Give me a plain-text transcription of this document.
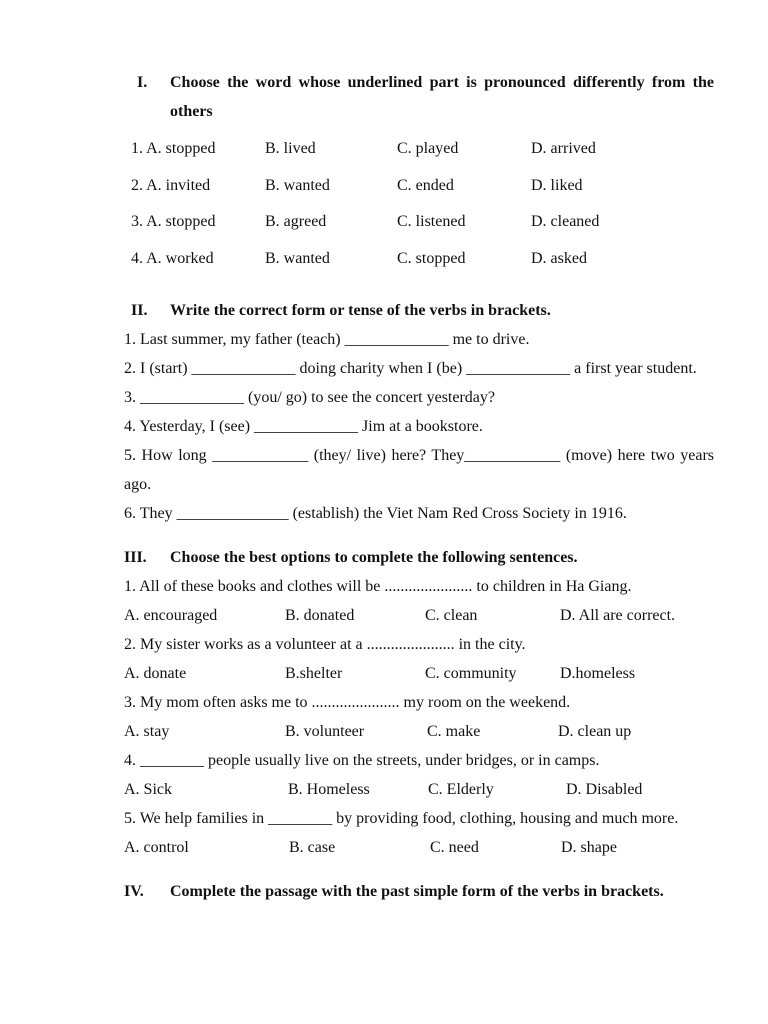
I. Choose the word whose underlined part is pronounced differently from the
others
1. A. stopped	B. lived	C. played	D. arrived
2. A. invited	B. wanted	C. ended	D. liked
3. A. stopped	B. agreed	C. listened	D. cleaned
4. A. worked	B. wanted	C. stopped	D. asked
II. Write the correct form or tense of the verbs in brackets.
1. Last summer, my father (teach) _____________ me to drive.
2. I (start) _____________ doing charity when I (be) _____________ a first year student.
3. _____________ (you/ go) to see the concert yesterday?
4. Yesterday, I (see) _____________ Jim at a bookstore.
5. How long ____________ (they/ live) here? They____________ (move) here two years
ago.
6. They ______________ (establish) the Viet Nam Red Cross Society in 1916.
III. Choose the best options to complete the following sentences.
1. All of these books and clothes will be ...................... to children in Ha Giang.
A. encouraged	B. donated	C. clean	D. All are correct.
2. My sister works as a volunteer at a ...................... in the city.
A. donate	B.shelter	C. community	D.homeless
3. My mom often asks me to ...................... my room on the weekend.
A. stay	B. volunteer	C. make	D. clean up
4. ________ people usually live on the streets, under bridges, or in camps.
A. Sick	B. Homeless	C. Elderly	D. Disabled
5. We help families in ________ by providing food, clothing, housing and much more.
A. control	B. case	C. need	D. shape
IV. Complete the passage with the past simple form of the verbs in brackets.
